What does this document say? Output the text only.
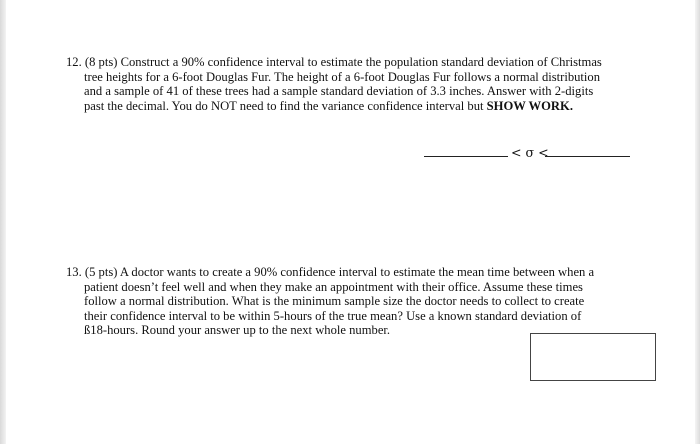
12. (8 pts) Construct a 90% confidence interval to estimate the population standard deviation of Christmas
tree heights for a 6-foot Douglas Fur. The height of a 6-foot Douglas Fur follows a normal distribution
and a sample of 41 of these trees had a sample standard deviation of 3.3 inches. Answer with 2-digits
past the decimal. You do NOT need to find the variance confidence interval but SHOW WORK.
< σ <
13. (5 pts) A doctor wants to create a 90% confidence interval to estimate the mean time between when a
patient doesn’t feel well and when they make an appointment with their office. Assume these times
follow a normal distribution. What is the minimum sample size the doctor needs to collect to create
their confidence interval to be within 5-hours of the true mean? Use a known standard deviation of
ß18-hours. Round your answer up to the next whole number.
